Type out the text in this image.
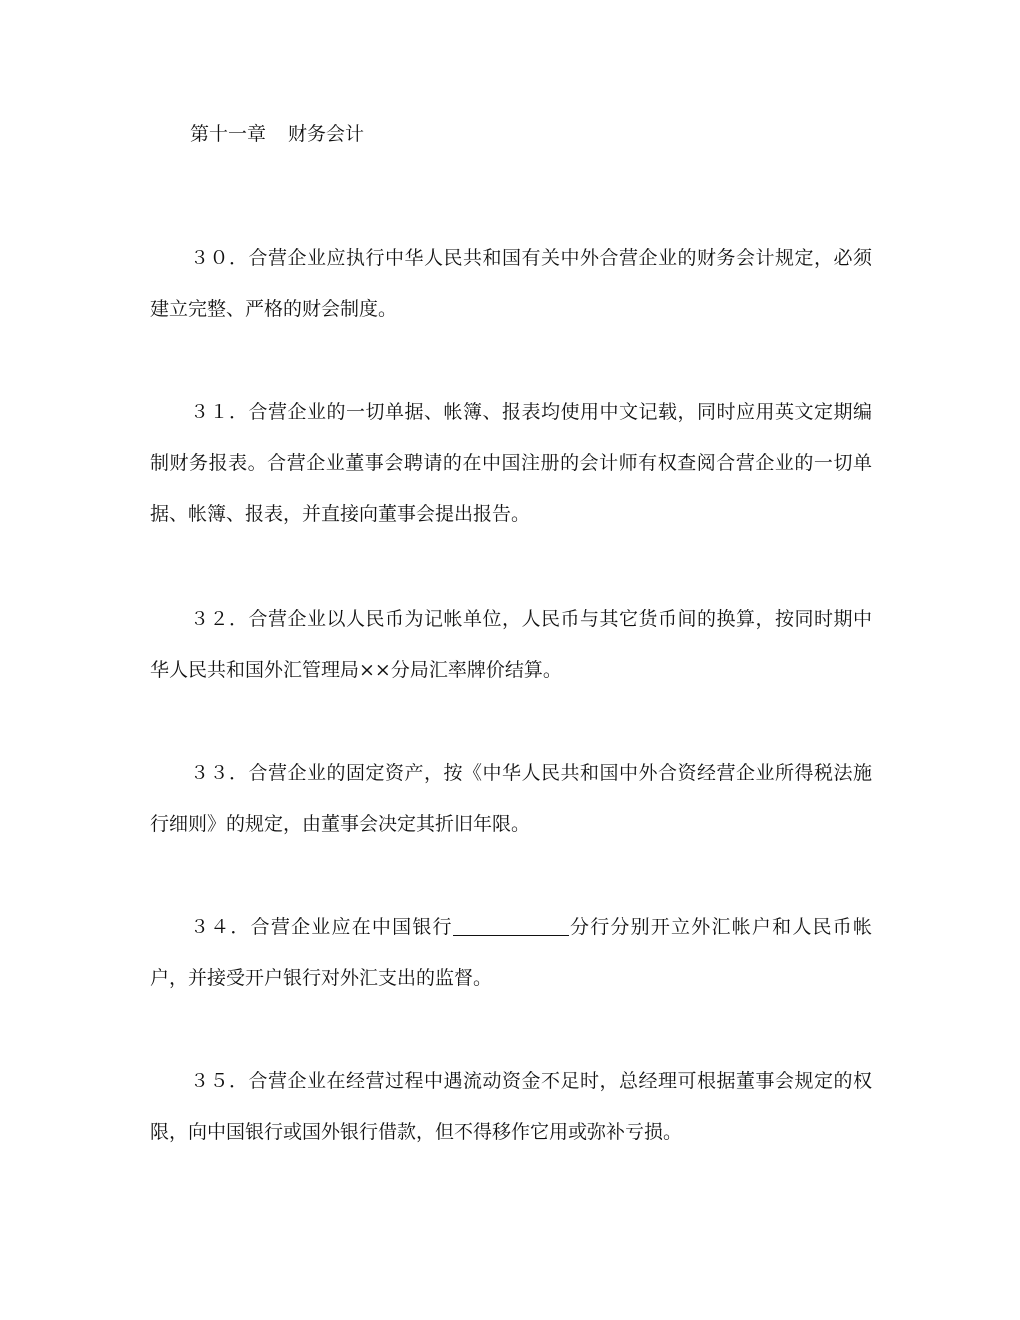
第十一章 财务会计

３０．合营企业应执行中华人民共和国有关中外合营企业的财务会计规定，必须建立完整、严格的财会制度。

３１．合营企业的一切单据、帐簿、报表均使用中文记载，同时应用英文定期编制财务报表。合营企业董事会聘请的在中国注册的会计师有权查阅合营企业的一切单据、帐簿、报表，并直接向董事会提出报告。

３２．合营企业以人民币为记帐单位，人民币与其它货币间的换算，按同时期中华人民共和国外汇管理局××分局汇率牌价结算。

３３．合营企业的固定资产，按《中华人民共和国中外合资经营企业所得税法施行细则》的规定，由董事会决定其折旧年限。

３４．合营企业应在中国银行	分行分别开立外汇帐户和人民币帐户，并接受开户银行对外汇支出的监督。

３５．合营企业在经营过程中遇流动资金不足时，总经理可根据董事会规定的权限，向中国银行或国外银行借款，但不得移作它用或弥补亏损。
